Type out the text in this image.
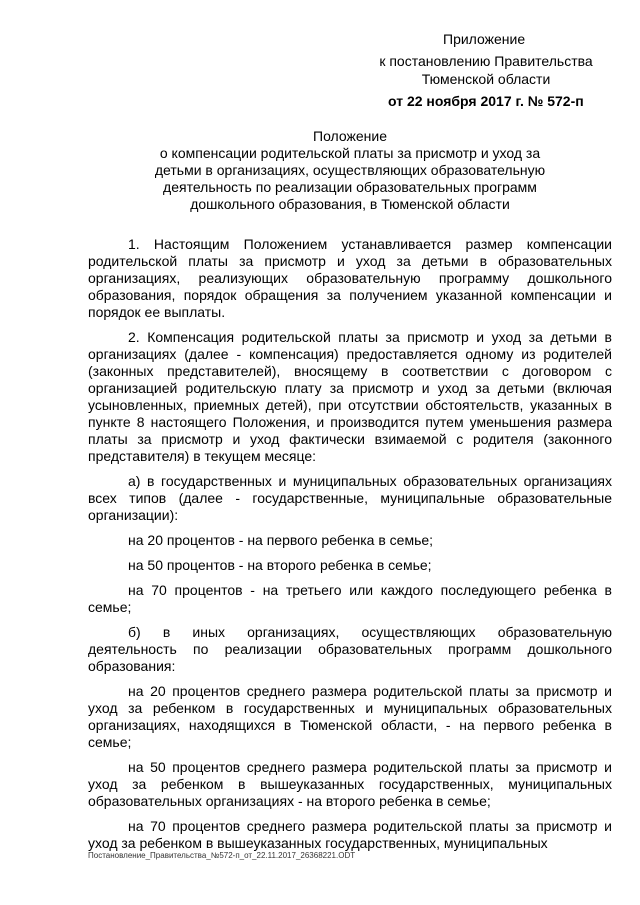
Приложение
к постановлению Правительства Тюменской области
от 22 ноября 2017 г. № 572-п
Положение
о компенсации родительской платы за присмотр и уход за детьми в организациях, осуществляющих образовательную деятельность по реализации образовательных программ дошкольного образования, в Тюменской области

1. Настоящим Положением устанавливается размер компенсации родительской платы за присмотр и уход за детьми в образовательных организациях, реализующих образовательную программу дошкольного образования, порядок обращения за получением указанной компенсации и порядок ее выплаты.

2. Компенсация родительской платы за присмотр и уход за детьми в организациях (далее - компенсация) предоставляется одному из родителей (законных представителей), вносящему в соответствии с договором с организацией родительскую плату за присмотр и уход за детьми (включая усыновленных, приемных детей), при отсутствии обстоятельств, указанных в пункте 8 настоящего Положения, и производится путем уменьшения размера платы за присмотр и уход фактически взимаемой с родителя (законного представителя) в текущем месяце:

а) в государственных и муниципальных образовательных организациях всех типов (далее - государственные, муниципальные образовательные организации):

на 20 процентов - на первого ребенка в семье;

на 50 процентов - на второго ребенка в семье;

на 70 процентов - на третьего или каждого последующего ребенка в семье;

б) в иных организациях, осуществляющих образовательную деятельность по реализации образовательных программ дошкольного образования:

на 20 процентов среднего размера родительской платы за присмотр и уход за ребенком в государственных и муниципальных образовательных организациях, находящихся в Тюменской области, - на первого ребенка в семье;

на 50 процентов среднего размера родительской платы за присмотр и уход за ребенком в вышеуказанных государственных, муниципальных образовательных организациях - на второго ребенка в семье;

на 70 процентов среднего размера родительской платы за присмотр и уход за ребенком в вышеуказанных государственных, муниципальных

Постановление_Правительства_№572-п_от_22.11.2017_26368221.ODT
